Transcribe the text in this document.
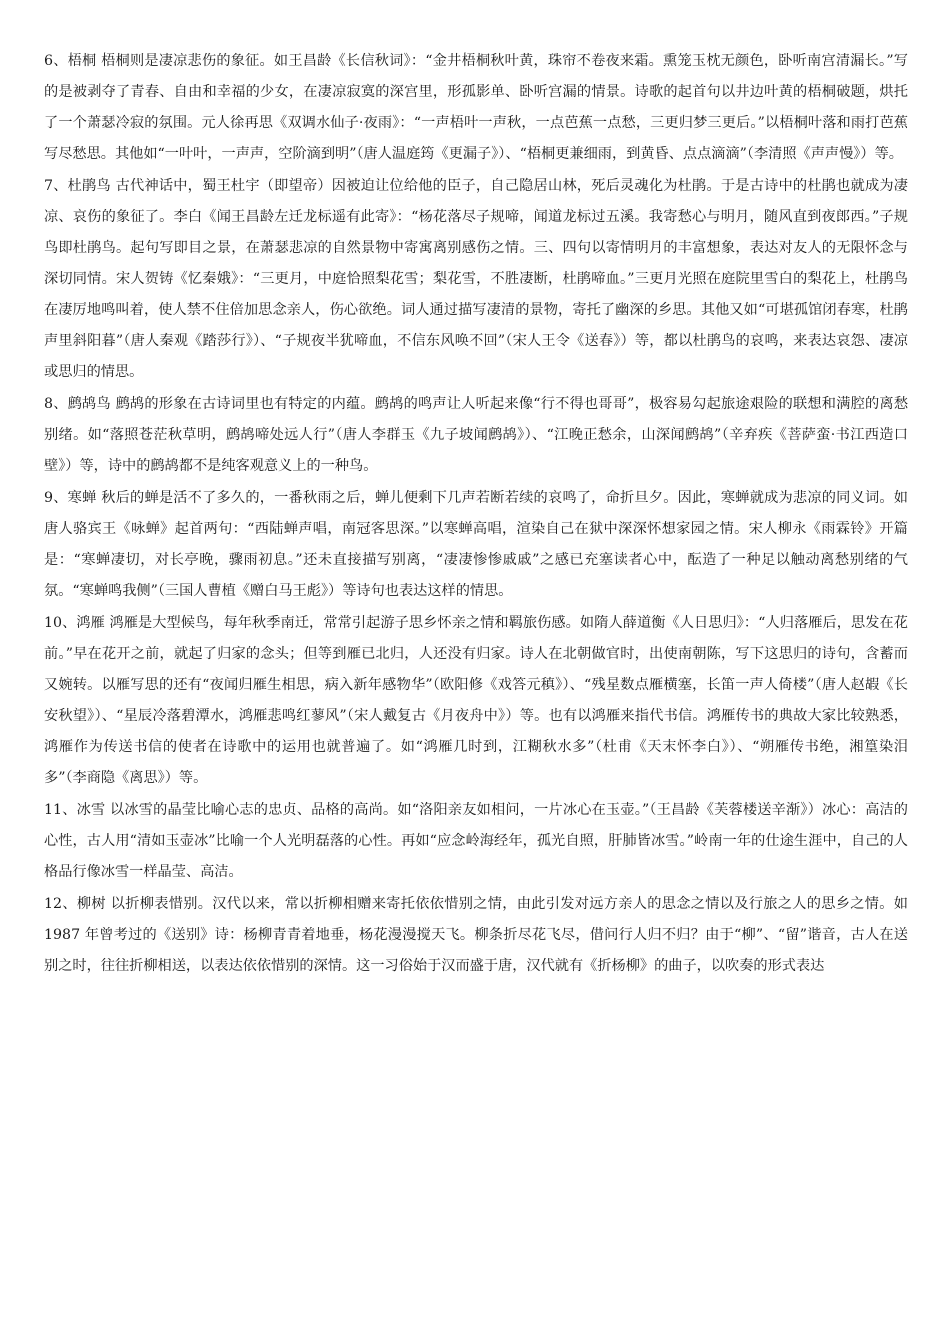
6、梧桐 梧桐则是凄凉悲伤的象征。如王昌龄《长信秋词》：“金井梧桐秋叶黄，珠帘不卷夜来霜。熏笼玉枕无颜色，卧听南宫清漏长。”写的是被剥夺了青春、自由和幸福的少女，在凄凉寂寞的深宫里，形孤影单、卧听宫漏的情景。诗歌的起首句以井边叶黄的梧桐破题，烘托了一个萧瑟冷寂的氛围。元人徐再思《双调水仙子·夜雨》：“一声梧叶一声秋，一点芭蕉一点愁，三更归梦三更后。”以梧桐叶落和雨打芭蕉写尽愁思。其他如“一叶叶，一声声，空阶滴到明”（唐人温庭筠《更漏子》）、“梧桐更兼细雨，到黄昏、点点滴滴”（李清照《声声慢》）等。

7、杜鹃鸟 古代神话中，蜀王杜宇（即望帝）因被迫让位给他的臣子，自己隐居山林，死后灵魂化为杜鹃。于是古诗中的杜鹃也就成为凄凉、哀伤的象征了。李白《闻王昌龄左迁龙标遥有此寄》：“杨花落尽子规啼，闻道龙标过五溪。我寄愁心与明月，随风直到夜郎西。”子规鸟即杜鹃鸟。起句写即目之景，在萧瑟悲凉的自然景物中寄寓离别感伤之情。三、四句以寄情明月的丰富想象，表达对友人的无限怀念与深切同情。宋人贺铸《忆秦娥》：“三更月，中庭恰照梨花雪；梨花雪，不胜凄断，杜鹃啼血。”三更月光照在庭院里雪白的梨花上，杜鹃鸟在凄厉地鸣叫着，使人禁不住倍加思念亲人，伤心欲绝。词人通过描写凄清的景物，寄托了幽深的乡思。其他又如“可堪孤馆闭春寒，杜鹃声里斜阳暮”（唐人秦观《踏莎行》）、“子规夜半犹啼血，不信东风唤不回”（宋人王令《送春》）等，都以杜鹃鸟的哀鸣，来表达哀怨、凄凉或思归的情思。

8、鹧鸪鸟 鹧鸪的形象在古诗词里也有特定的内蕴。鹧鸪的鸣声让人听起来像“行不得也哥哥”，极容易勾起旅途艰险的联想和满腔的离愁别绪。如“落照苍茫秋草明，鹧鸪啼处远人行”（唐人李群玉《九子坡闻鹧鸪》）、“江晚正愁余，山深闻鹧鸪”（辛弃疾《菩萨蛮·书江西造口壁》）等，诗中的鹧鸪都不是纯客观意义上的一种鸟。

9、寒蝉 秋后的蝉是活不了多久的，一番秋雨之后，蝉儿便剩下几声若断若续的哀鸣了，命折旦夕。因此，寒蝉就成为悲凉的同义词。如唐人骆宾王《咏蝉》起首两句：“西陆蝉声唱，南冠客思深。”以寒蝉高唱，渲染自己在狱中深深怀想家园之情。宋人柳永《雨霖铃》开篇是：“寒蝉凄切，对长亭晚，骤雨初息。”还未直接描写别离，“凄凄惨惨戚戚”之感已充塞读者心中，酝造了一种足以触动离愁别绪的气氛。“寒蝉鸣我侧”（三国人曹植《赠白马王彪》）等诗句也表达这样的情思。

10、鸿雁 鸿雁是大型候鸟，每年秋季南迁，常常引起游子思乡怀亲之情和羁旅伤感。如隋人薛道衡《人日思归》：“人归落雁后，思发在花前。”早在花开之前，就起了归家的念头；但等到雁已北归，人还没有归家。诗人在北朝做官时，出使南朝陈，写下这思归的诗句，含蓄而又婉转。以雁写思的还有“夜闻归雁生相思，病入新年感物华”（欧阳修《戏答元稹》）、“残星数点雁横塞，长笛一声人倚楼”（唐人赵嘏《长安秋望》）、“星辰冷落碧潭水，鸿雁悲鸣红蓼风”（宋人戴复古《月夜舟中》）等。也有以鸿雁来指代书信。鸿雁传书的典故大家比较熟悉，鸿雁作为传送书信的使者在诗歌中的运用也就普遍了。如“鸿雁几时到，江糊秋水多”（杜甫《天末怀李白》）、“朔雁传书绝，湘篁染泪多”（李商隐《离思》）等。

11、冰雪 以冰雪的晶莹比喻心志的忠贞、品格的高尚。如“洛阳亲友如相问，一片冰心在玉壶。”（王昌龄《芙蓉楼送辛渐》）冰心：高洁的心性，古人用“清如玉壶冰”比喻一个人光明磊落的心性。再如“应念岭海经年，孤光自照，肝肺皆冰雪。”岭南一年的仕途生涯中，自己的人格品行像冰雪一样晶莹、高洁。

12、柳树 以折柳表惜别。汉代以来，常以折柳相赠来寄托依依惜别之情，由此引发对远方亲人的思念之情以及行旅之人的思乡之情。如 1987 年曾考过的《送别》诗：杨柳青青着地垂，杨花漫漫搅天飞。柳条折尽花飞尽，借问行人归不归？由于“柳”、“留”谐音，古人在送别之时，往往折柳相送，以表达依依惜别的深情。这一习俗始于汉而盛于唐，汉代就有《折杨柳》的曲子，以吹奏的形式表达
